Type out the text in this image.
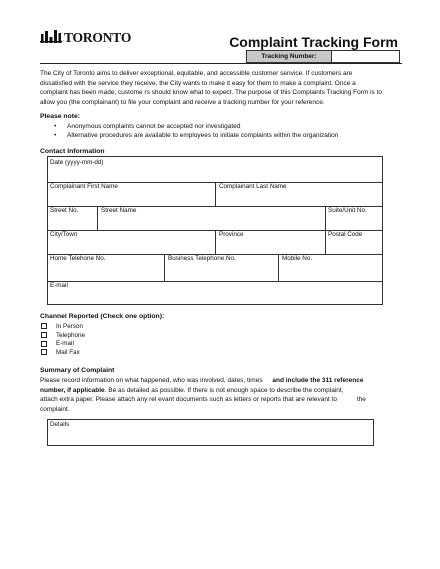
TORONTO	Complaint Tracking Form
Tracking Number:
The City of Toronto aims to deliver exceptional, equitable, and accessible customer senvice. If customers are dissatisfied with the service they receive, the City wants to make it easy for them to make a complaint. Once a complaint has been made, custome rs should know what to expect. The purpose of this Complaints Tracking Form is to allow you (the complainant) to file your complaint and receive a tracking number for your reference.
Please note:
• Anonymous complaints cannot be accepted nor investigated
• Alternative procedures are available to employees to initiate complaints within the organization
Contact Information
Date (yyyy-mm-dd)
Complainant First Name	Complainant Last Name
Street No.	Street Name	Suite/Unit No.
City/Town	Province	Postal Code
Home Telehone No.	Business Telephone No.	Mobile No.
E-mail
Channel Reported (Check one option):
In Person
Telephone
E-mail
Mail Fax
Summary of Complaint
Please record information on what happened, who was involved, dates, times and include the 311 reference
number, if applicable. Be as detailed as possible. If there is not enough space to describe the complaint,
attach extra paper. Please attach any rel evant documents such as letters or reports that are relevant to	the
complaint.
Details
